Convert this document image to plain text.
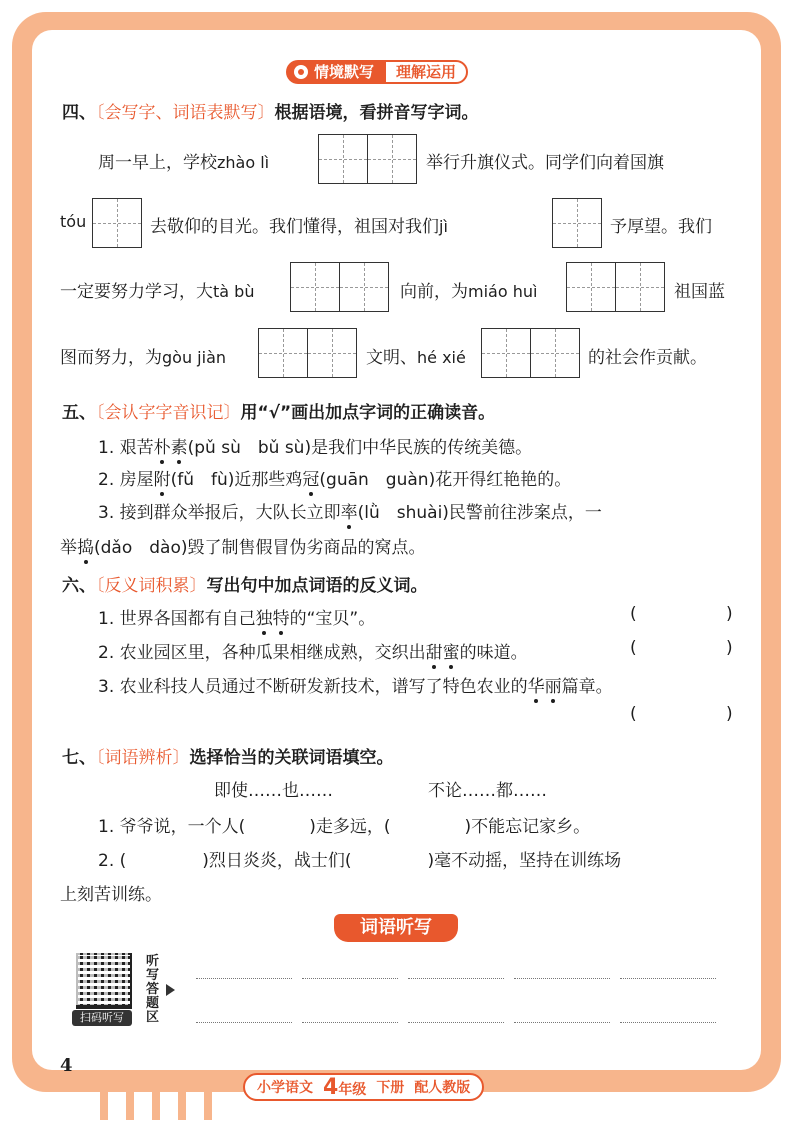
情境默写	理解运用
四、〔会写字、词语表默写〕根据语境，看拼音写字词。
周一早上，学校zhào lì	举行升旗仪式。同学们向着国旗
tóu	去敬仰的目光。我们懂得，祖国对我们jì	予厚望。我们
一定要努力学习，大tà bù	向前，为miáo huì	祖国蓝
图而努力，为gòu jiàn	文明、hé xié	的社会作贡献。
五、〔会认字字音识记〕用“√”画出加点字词的正确读音。
1. 艰苦朴素(pǔ sù　bǔ sù)是我们中华民族的传统美德。
2. 房屋附(fǔ　fù)近那些鸡冠(guān　guàn)花开得红艳艳的。
3. 接到群众举报后，大队长立即率(lǜ　shuài)民警前往涉案点，一
举捣(dǎo　dào)毁了制售假冒伪劣商品的窝点。
六、〔反义词积累〕写出句中加点词语的反义词。
1. 世界各国都有自己独特的“宝贝”。	(	)
2. 农业园区里，各种瓜果相继成熟，交织出甜蜜的味道。	(	)
3. 农业科技人员通过不断研发新技术，谱写了特色农业的华丽篇章。
(	)
七、〔词语辨析〕选择恰当的关联词语填空。
即使……也……	不论……都……
1. 爷爷说，一个人(	)走多远，(	)不能忘记家乡。
2. (	)烈日炎炎，战士们(	)毫不动摇，坚持在训练场
上刻苦训练。
词语听写
扫码听写
听写答题区
4
小学语文 4年级 下册 配人教版
